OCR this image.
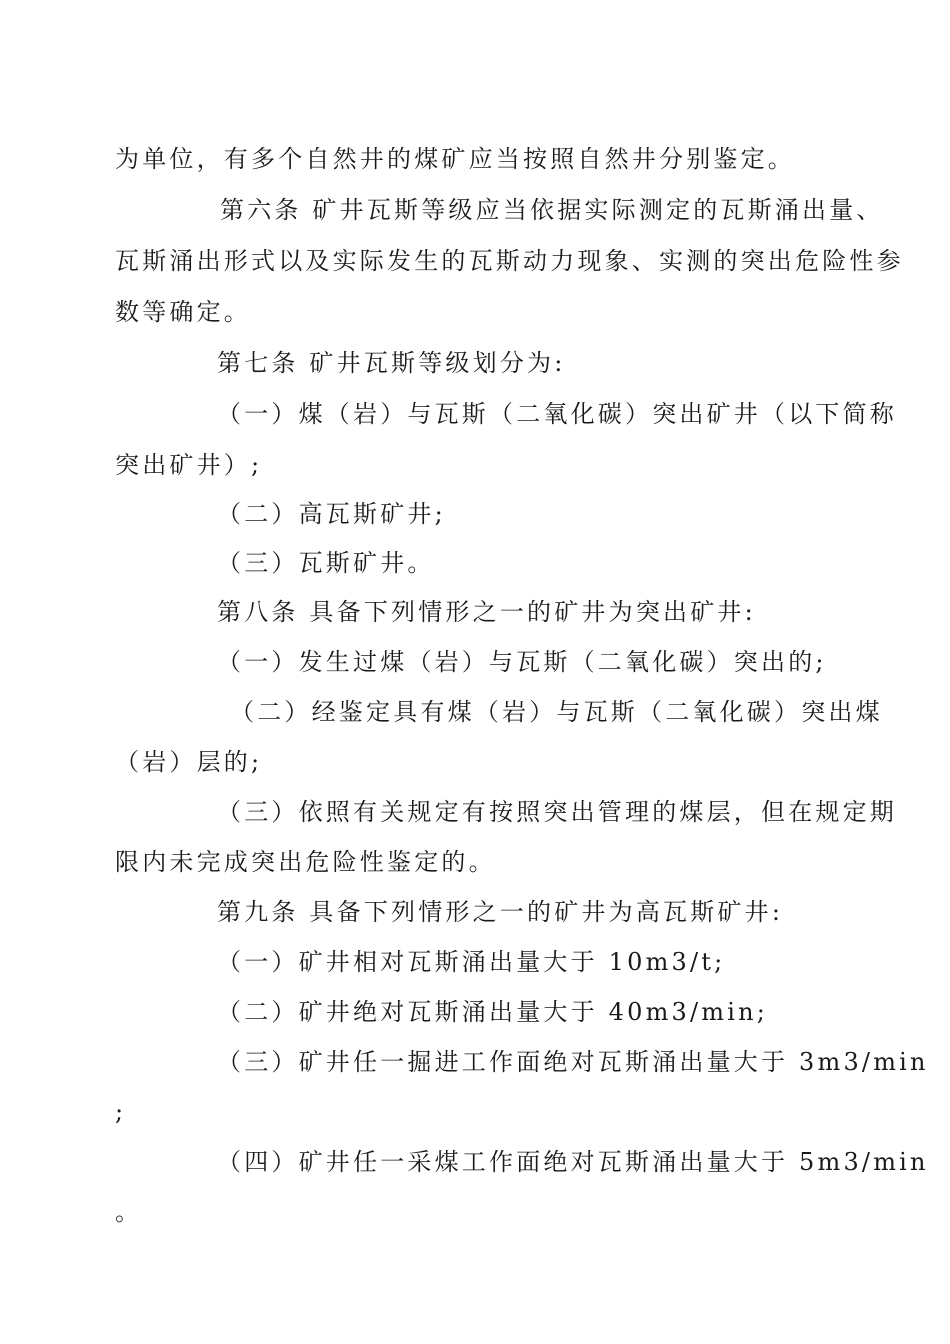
为单位，有多个自然井的煤矿应当按照自然井分别鉴定。
第六条 矿井瓦斯等级应当依据实际测定的瓦斯涌出量、
瓦斯涌出形式以及实际发生的瓦斯动力现象、实测的突出危险性参
数等确定。
第七条 矿井瓦斯等级划分为:
（一）煤（岩）与瓦斯（二氧化碳）突出矿井（以下简称
突出矿井）;
（二）高瓦斯矿井;
（三）瓦斯矿井。
第八条 具备下列情形之一的矿井为突出矿井:
（一）发生过煤（岩）与瓦斯（二氧化碳）突出的;
（二）经鉴定具有煤（岩）与瓦斯（二氧化碳）突出煤
（岩）层的;
（三）依照有关规定有按照突出管理的煤层，但在规定期
限内未完成突出危险性鉴定的。
第九条 具备下列情形之一的矿井为高瓦斯矿井:
（一）矿井相对瓦斯涌出量大于 10m3/t;
（二）矿井绝对瓦斯涌出量大于 40m3/min;
（三）矿井任一掘进工作面绝对瓦斯涌出量大于 3m3/min
;
（四）矿井任一采煤工作面绝对瓦斯涌出量大于 5m3/min
。
